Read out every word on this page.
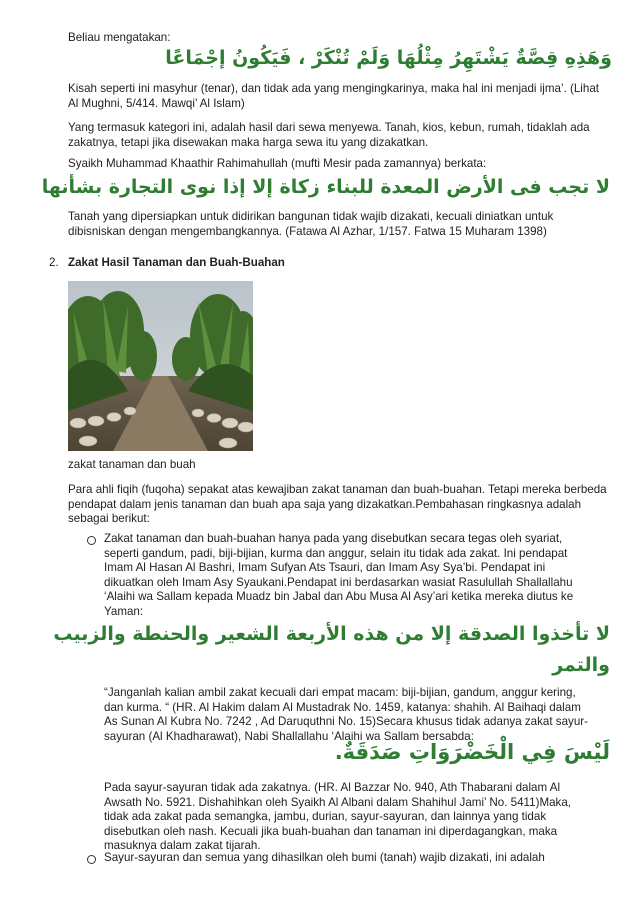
Beliau mengatakan:

وَهَذِهِ قِصَّةٌ يَشْتَهِرُ مِثْلُهَا وَلَمْ تُنْكَرْ ، فَيَكُونُ إجْمَاعًا

Kisah seperti ini masyhur (tenar), dan tidak ada yang mengingkarinya, maka hal ini menjadi ijma’. (Lihat Al Mughni, 5/414. Mawqi’ Al Islam)

Yang termasuk kategori ini, adalah hasil dari sewa menyewa. Tanah, kios, kebun, rumah, tidaklah ada zakatnya, tetapi jika disewakan maka harga sewa itu yang dizakatkan.

Syaikh Muhammad Khaathir Rahimahullah (mufti Mesir pada zamannya) berkata:

لا تجب فى الأرض المعدة للبناء زكاة إلا إذا نوى التجارة بشأنها

Tanah yang dipersiapkan untuk didirikan bangunan tidak wajib dizakati, kecuali diniatkan untuk dibisniskan dengan mengembangkannya. (Fatawa Al Azhar, 1/157. Fatwa 15 Muharam 1398)

2. Zakat Hasil Tanaman dan Buah-Buahan

zakat tanaman dan buah

Para ahli fiqih (fuqoha) sepakat atas kewajiban zakat tanaman dan buah-buahan. Tetapi mereka berbeda pendapat dalam jenis tanaman dan buah apa saja yang dizakatkan.Pembahasan ringkasnya adalah sebagai berikut:

Zakat tanaman dan buah-buahan hanya pada yang disebutkan secara tegas oleh syariat, seperti gandum, padi, biji-bijian, kurma dan anggur, selain itu tidak ada zakat. Ini pendapat Imam Al Hasan Al Bashri, Imam Sufyan Ats Tsauri, dan Imam Asy Sya’bi. Pendapat ini dikuatkan oleh Imam Asy Syaukani.Pendapat ini berdasarkan wasiat Rasulullah Shallallahu ‘Alaihi wa Sallam kepada Muadz bin Jabal dan Abu Musa Al Asy’ari ketika mereka diutus ke Yaman:

لا تأخذوا الصدقة إلا من هذه الأربعة الشعير والحنطة والزبيب
والتمر

“Janganlah kalian ambil zakat kecuali dari empat macam: biji-bijian, gandum, anggur kering, dan kurma. “ (HR. Al Hakim dalam Al Mustadrak No. 1459, katanya: shahih. Al Baihaqi dalam As Sunan Al Kubra No. 7242 , Ad Daruquthni No. 15)Secara khusus tidak adanya zakat sayur-sayuran (Al Khadharawat), Nabi Shallallahu ‘Alaihi wa Sallam bersabda:

لَيْسَ فِي الْخَضْرَوَاتِ صَدَقَةٌ.

Pada sayur-sayuran tidak ada zakatnya. (HR. Al Bazzar No. 940, Ath Thabarani dalam Al Awsath No. 5921. Dishahihkan oleh Syaikh Al Albani dalam Shahihul Jami’ No. 5411)Maka, tidak ada zakat pada semangka, jambu, durian, sayur-sayuran, dan lainnya yang tidak disebutkan oleh nash. Kecuali jika buah-buahan dan tanaman ini diperdagangkan, maka masuknya dalam zakat tijarah.

Sayur-sayuran dan semua yang dihasilkan oleh bumi (tanah) wajib dizakati, ini adalah
